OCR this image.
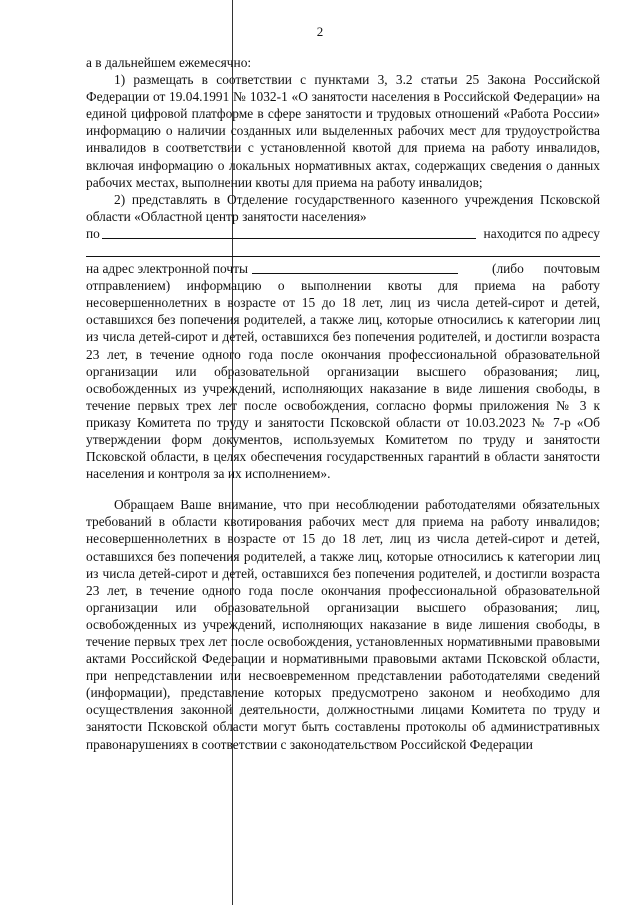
2

а в дальнейшем ежемесячно:

1) размещать в соответствии с пунктами 3, 3.2 статьи 25 Закона Российской Федерации от 19.04.1991 № 1032-1 «О занятости населения в Российской Федерации» на единой цифровой платформе в сфере занятости и трудовых отношений «Работа России» информацию о наличии созданных или выделенных рабочих мест для трудоустройства инвалидов в соответствии с установленной квотой для приема на работу инвалидов, включая информацию о локальных нормативных актах, содержащих сведения о данных рабочих местах, выполнении квоты для приема на работу инвалидов;

2) представлять в Отделение государственного казенного учреждения Псковской области «Областной центр занятости населения»

по	находится по адресу
на адрес электронной почты	(либо почтовым отправлением) информацию о выполнении квоты для приема на работу несовершеннолетних в возрасте от 15 до 18 лет, лиц из числа детей-сирот и детей, оставшихся без попечения родителей, а также лиц, которые относились к категории лиц из числа детей-сирот и детей, оставшихся без попечения родителей, и достигли возраста 23 лет, в течение одного года после окончания профессиональной образовательной организации или образовательной организации высшего образования; лиц, освобожденных из учреждений, исполняющих наказание в виде лишения свободы, в течение первых трех лет после освобождения, согласно формы приложения № 3 к приказу Комитета по труду и занятости Псковской области от 10.03.2023 № 7-р «Об утверждении форм документов, используемых Комитетом по труду и занятости Псковской области, в целях обеспечения государственных гарантий в области занятости населения и контроля за их исполнением».

Обращаем Ваше внимание, что при несоблюдении работодателями обязательных требований в области квотирования рабочих мест для приема на работу инвалидов; несовершеннолетних в возрасте от 15 до 18 лет, лиц из числа детей-сирот и детей, оставшихся без попечения родителей, а также лиц, которые относились к категории лиц из числа детей-сирот и детей, оставшихся без попечения родителей, и достигли возраста 23 лет, в течение одного года после окончания профессиональной образовательной организации или образовательной организации высшего образования; лиц, освобожденных из учреждений, исполняющих наказание в виде лишения свободы, в течение первых трех лет после освобождения, установленных нормативными правовыми актами Российской Федерации и нормативными правовыми актами Псковской области, при непредставлении или несвоевременном представлении работодателями сведений (информации), представление которых предусмотрено законом и необходимо для осуществления законной деятельности, должностными лицами Комитета по труду и занятости Псковской области могут быть составлены протоколы об административных правонарушениях в соответствии с законодательством Российской Федерации
